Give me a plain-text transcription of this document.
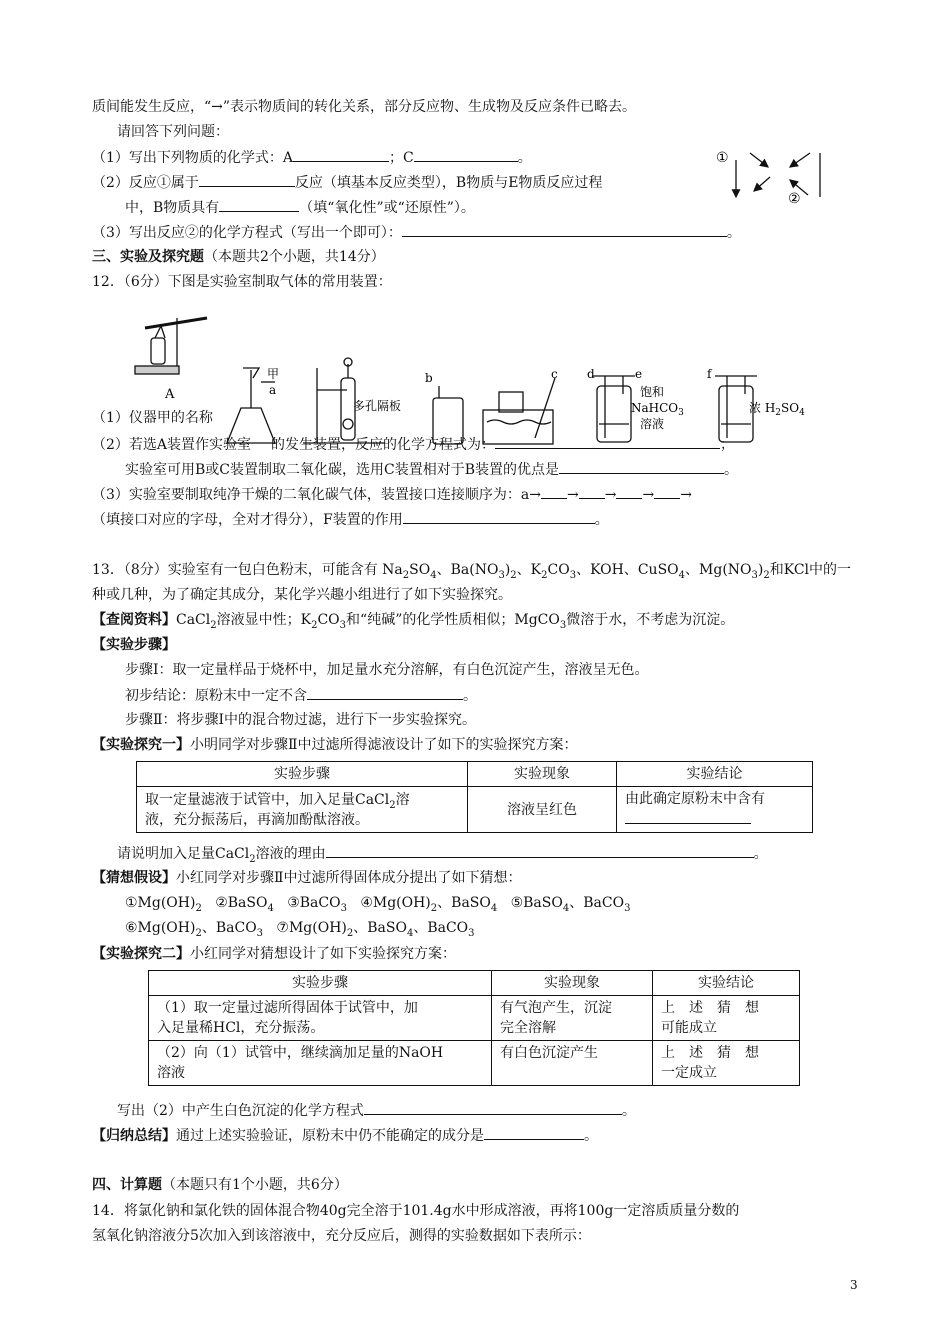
质间能发生反应，“→”表示物质间的转化关系，部分反应物、生成物及反应条件已略去。
请回答下列问题：
（1）写出下列物质的化学式：A	；C	。
（2）反应①属于	反应（填基本反应类型），B物质与E物质反应过程
中，B物质具有	（填“氧化性”或“还原性”）。
（3）写出反应②的化学方程式（写出一个即可）：	。
①
②
三、实验及探究题（本题共2个小题，共14分）
12．（6分）下图是实验室制取气体的常用装置：
A
甲
a
多孔隔板
b	c d	e
饱和
NaHCO$_3$
溶液
f
浓 $H_2SO_4$
（1）仪器甲的名称
（2）若选A装置作实验室 的发生装置，反应的化学方程式为：	；
实验室可用B或C装置制取二氧化碳，选用C装置相对于B装置的优点是	。
（3）实验室要制取纯净干燥的二氧化碳气体，装置接口连接顺序为：a→ → → → →
（填接口对应的字母，全对才得分），F装置的作用	。
13．（8分）实验室有一包白色粉末，可能含有 $Na_2SO_4$、$Ba(NO_3)_2$、$K_2CO_3$、KOH、CuSO$_4$、$Mg(NO_3)_2$和KCl中的一
种或几种，为了确定其成分，某化学兴趣小组进行了如下实验探究。
【查阅资料】CaCl$_2$溶液显中性；$K_2CO_3$和“纯碱”的化学性质相似；MgCO$_3$微溶于水，不考虑为沉淀。
【实验步骤】
步骤Ⅰ：取一定量样品于烧杯中，加足量水充分溶解，有白色沉淀产生，溶液呈无色。
初步结论：原粉末中一定不含	。
步骤Ⅱ：将步骤Ⅰ中的混合物过滤，进行下一步实验探究。
【实验探究一】小明同学对步骤Ⅱ中过滤所得滤液设计了如下的实验探究方案：
实验步骤	实验现象	实验结论
取一定量滤液于试管中，加入足量CaCl$_2$溶
液，充分振荡后，再滴加酚酞溶液。	溶液呈红色	由此确定原粉末中含有

请说明加入足量CaCl$_2$溶液的理由	。
【猜想假设】小红同学对步骤Ⅱ中过滤所得固体成分提出了如下猜想：
$①Mg(OH)_2$ ②BaSO$_4$ ③BaCO$_3$ $④Mg(OH)_2$、BaSO$_4$ ⑤BaSO$_4$、BaCO$_3$
$⑥Mg(OH)_2$、BaCO$_3$ $⑦Mg(OH)_2$、BaSO$_4$、BaCO$_3$
【实验探究二】小红同学对猜想设计了如下实验探究方案：
实验步骤	实验现象	实验结论
（1）取一定量过滤所得固体于试管中，加
入足量稀HCl，充分振荡。	有气泡产生，沉淀
完全溶解	上　述　猜　想
可能成立
（2）向（1）试管中，继续滴加足量的NaOH
溶液	有白色沉淀产生	上　述　猜　想
一定成立
写出（2）中产生白色沉淀的化学方程式	。
【归纳总结】通过上述实验验证，原粉末中仍不能确定的成分是	。
四、计算题（本题只有1个小题，共6分）
14．将氯化钠和氯化铁的固体混合物40g完全溶于101.4g水中形成溶液，再将100g一定溶质质量分数的
氢氧化钠溶液分5次加入到该溶液中，充分反应后，测得的实验数据如下表所示：
3
